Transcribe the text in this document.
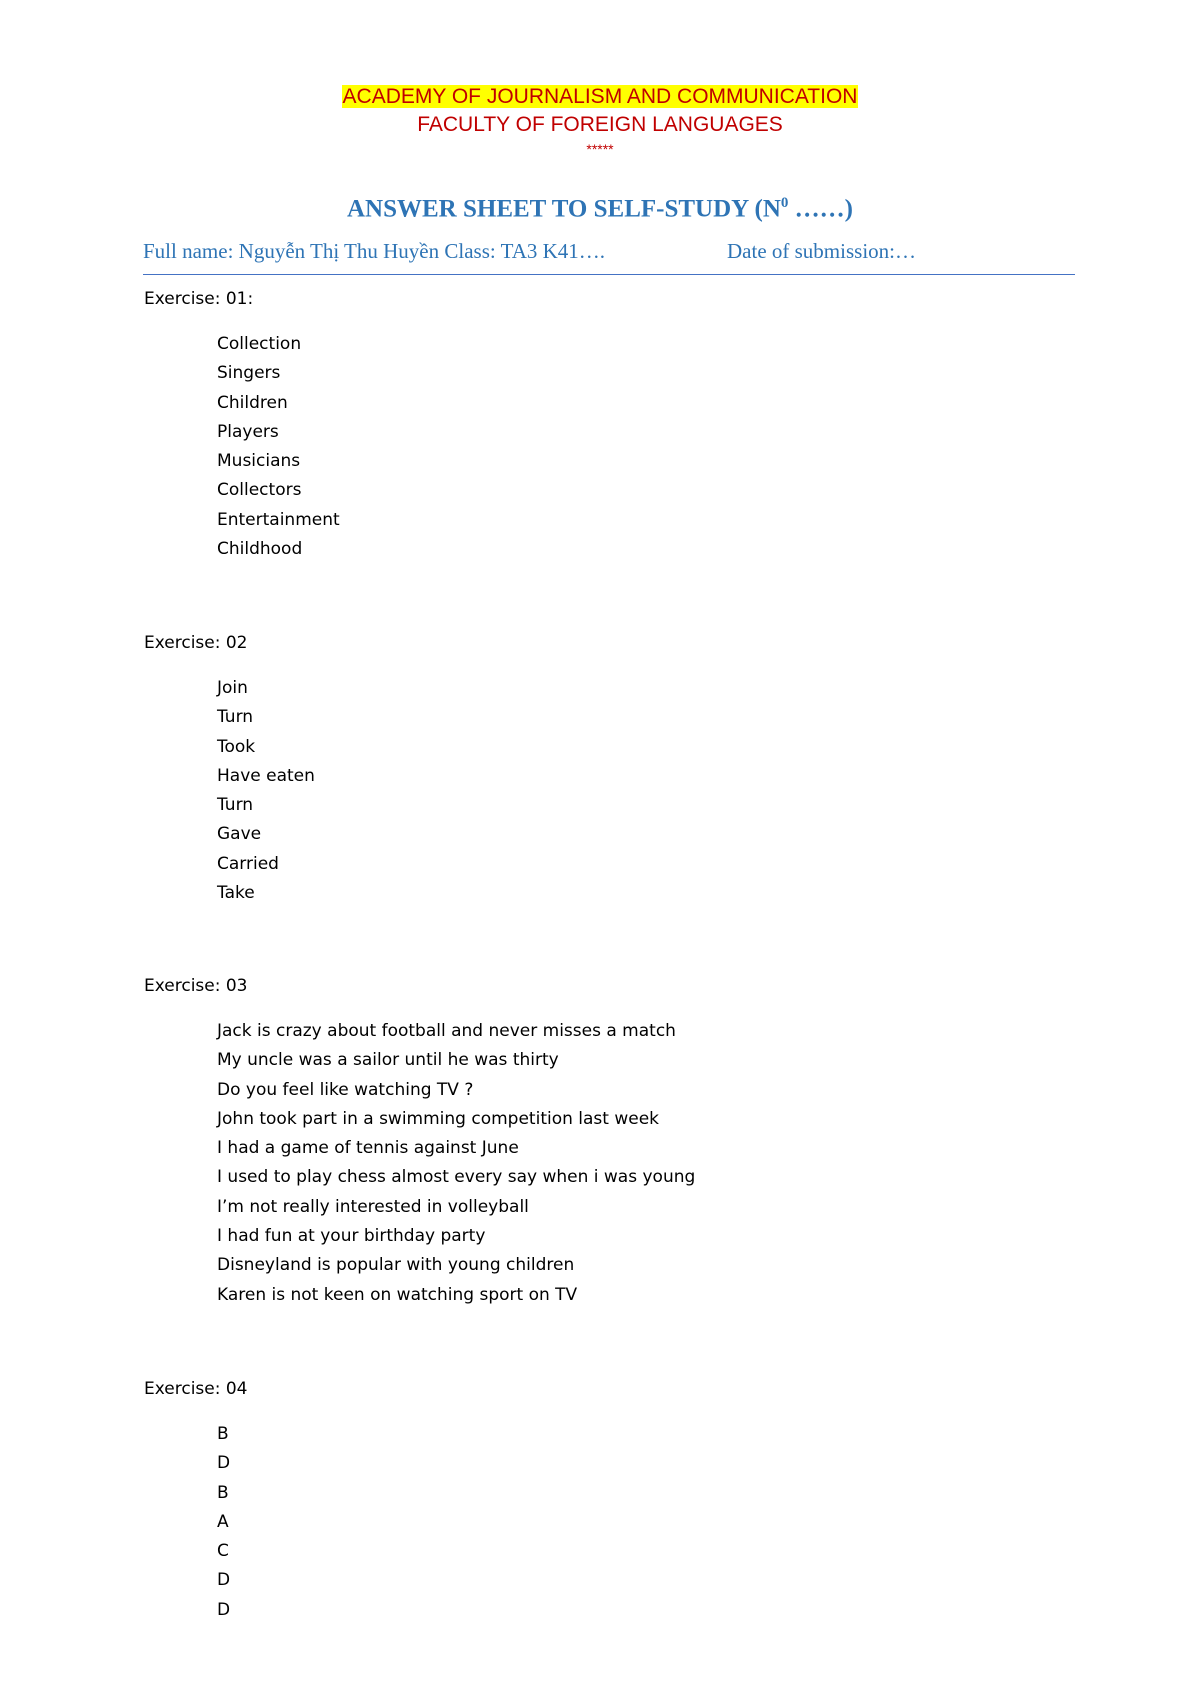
ACADEMY OF JOURNALISM AND COMMUNICATION
FACULTY OF FOREIGN LANGUAGES
*****
ANSWER SHEET TO SELF-STUDY ($N^0$ ……)
Full name: Nguyễn Thị Thu Huyền Class: TA3 K41….	Date of submission:…
Exercise: 01:
Collection
Singers
Children
Players
Musicians
Collectors
Entertainment
Childhood
Exercise: 02
Join
Turn
Took
Have eaten
Turn
Gave
Carried
Take
Exercise: 03
Jack is crazy about football and never misses a match
My uncle was a sailor until he was thirty
Do you feel like watching TV ?
John took part in a swimming competition last week
I had a game of tennis against June
I used to play chess almost every say when i was young
I’m not really interested in volleyball
I had fun at your birthday party
Disneyland is popular with young children
Karen is not keen on watching sport on TV
Exercise: 04
B
D
B
A
C
D
D
